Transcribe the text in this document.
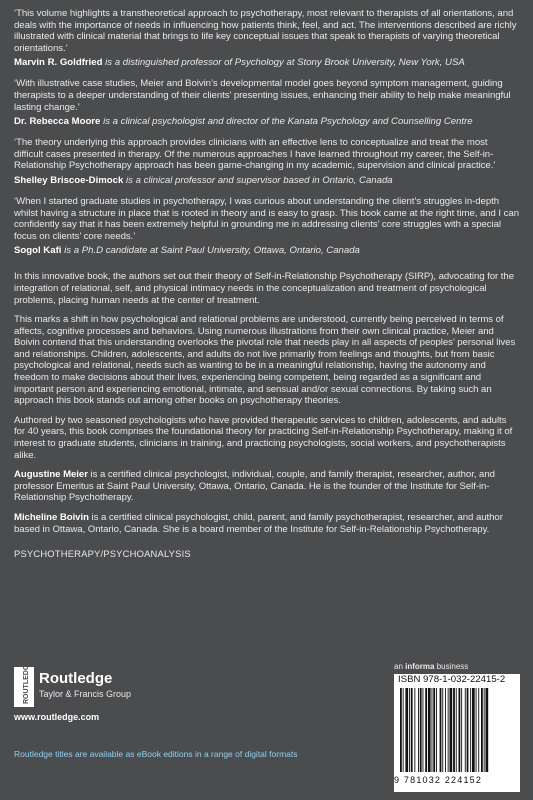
‘This volume highlights a transtheoretical approach to psychotherapy, most relevant to therapists of all orientations, and deals with the importance of needs in influencing how patients think, feel, and act. The interventions described are richly illustrated with clinical material that brings to life key conceptual issues that speak to therapists of varying theoretical orientations.’

Marvin R. Goldfried is a distinguished professor of Psychology at Stony Brook University, New York, USA

‘With illustrative case studies, Meier and Boivin’s developmental model goes beyond symptom management, guiding therapists to a deeper understanding of their clients’ presenting issues, enhancing their ability to help make meaningful lasting change.’

Dr. Rebecca Moore is a clinical psychologist and director of the Kanata Psychology and Counselling Centre

‘The theory underlying this approach provides clinicians with an effective lens to conceptualize and treat the most difficult cases presented in therapy. Of the numerous approaches I have learned throughout my career, the Self-in-Relationship Psychotherapy approach has been game-changing in my academic, supervision and clinical practice.’

Shelley Briscoe-Dimock is a clinical professor and supervisor based in Ontario, Canada

‘When I started graduate studies in psychotherapy, I was curious about understanding the client’s struggles in-depth whilst having a structure in place that is rooted in theory and is easy to grasp. This book came at the right time, and I can confidently say that it has been extremely helpful in grounding me in addressing clients’ core struggles with a special focus on clients’ core needs.’

Sogol Kafi is a Ph.D candidate at Saint Paul University, Ottawa, Ontario, Canada

In this innovative book, the authors set out their theory of Self-in-Relationship Psychotherapy (SIRP), advocating for the integration of relational, self, and physical intimacy needs in the conceptualization and treatment of psychological problems, placing human needs at the center of treatment.

This marks a shift in how psychological and relational problems are understood, currently being perceived in terms of affects, cognitive processes and behaviors. Using numerous illustrations from their own clinical practice, Meier and Boivin contend that this understanding overlooks the pivotal role that needs play in all aspects of peoples’ personal lives and relationships. Children, adolescents, and adults do not live primarily from feelings and thoughts, but from basic psychological and relational, needs such as wanting to be in a meaningful relationship, having the autonomy and freedom to make decisions about their lives, experiencing being competent, being regarded as a significant and important person and experiencing emotional, intimate, and sensual and/or sexual connections. By taking such an approach this book stands out among other books on psychotherapy theories.

Authored by two seasoned psychologists who have provided therapeutic services to children, adolescents, and adults for 40 years, this book comprises the foundational theory for practicing Self-in-Relationship Psychotherapy, making it of interest to graduate students, clinicians in training, and practicing psychologists, social workers, and psychotherapists alike.

Augustine Meier is a certified clinical psychologist, individual, couple, and family therapist, researcher, author, and professor Emeritus at Saint Paul University, Ottawa, Ontario, Canada. He is the founder of the Institute for Self-in-Relationship Psychotherapy.

Micheline Boivin is a certified clinical psychologist, child, parent, and family psychotherapist, researcher, and author based in Ottawa, Ontario, Canada. She is a board member of the Institute for Self-in-Relationship Psychotherapy.

PSYCHOTHERAPY/PSYCHOANALYSIS

ROUTLEDGE Routledge
Taylor & Francis Group
www.routledge.com
Routledge titles are available as eBook editions in a range of digital formats
an informa business
ISBN 978-1-032-22415-2
9 781032 224152
